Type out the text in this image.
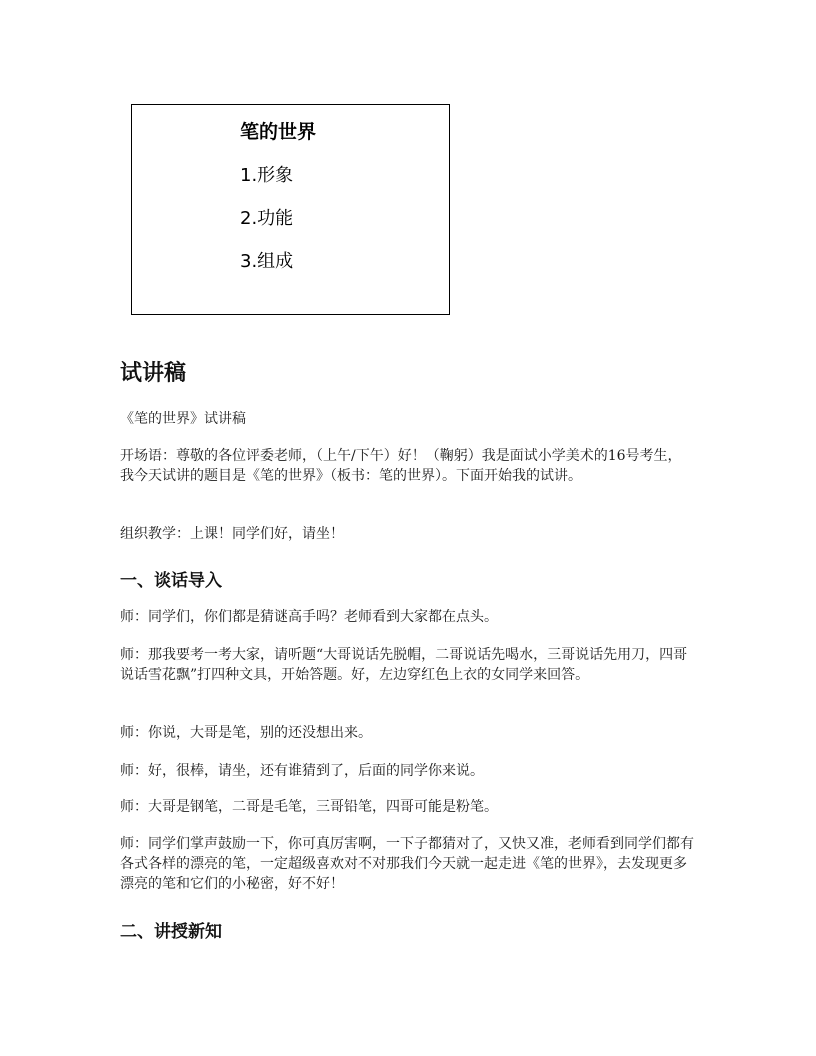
笔的世界
1.形象
2.功能
3.组成
试讲稿
《笔的世界》试讲稿
开场语：尊敬的各位评委老师，（上午/下午）好！（鞠躬）我是面试小学美术的16号考生，我今天试讲的题目是《笔的世界》（板书：笔的世界）。下面开始我的试讲。
组织教学：上课！同学们好，请坐！
一、谈话导入
师：同学们，你们都是猜谜高手吗？老师看到大家都在点头。
师：那我要考一考大家，请听题“大哥说话先脱帽，二哥说话先喝水，三哥说话先用刀，四哥说话雪花飘”打四种文具，开始答题。好，左边穿红色上衣的女同学来回答。
师：你说，大哥是笔，别的还没想出来。
师：好，很棒，请坐，还有谁猜到了，后面的同学你来说。
师：大哥是钢笔，二哥是毛笔，三哥铅笔，四哥可能是粉笔。
师：同学们掌声鼓励一下，你可真厉害啊，一下子都猜对了，又快又准，老师看到同学们都有各式各样的漂亮的笔，一定超级喜欢对不对那我们今天就一起走进《笔的世界》，去发现更多漂亮的笔和它们的小秘密，好不好！
二、讲授新知
